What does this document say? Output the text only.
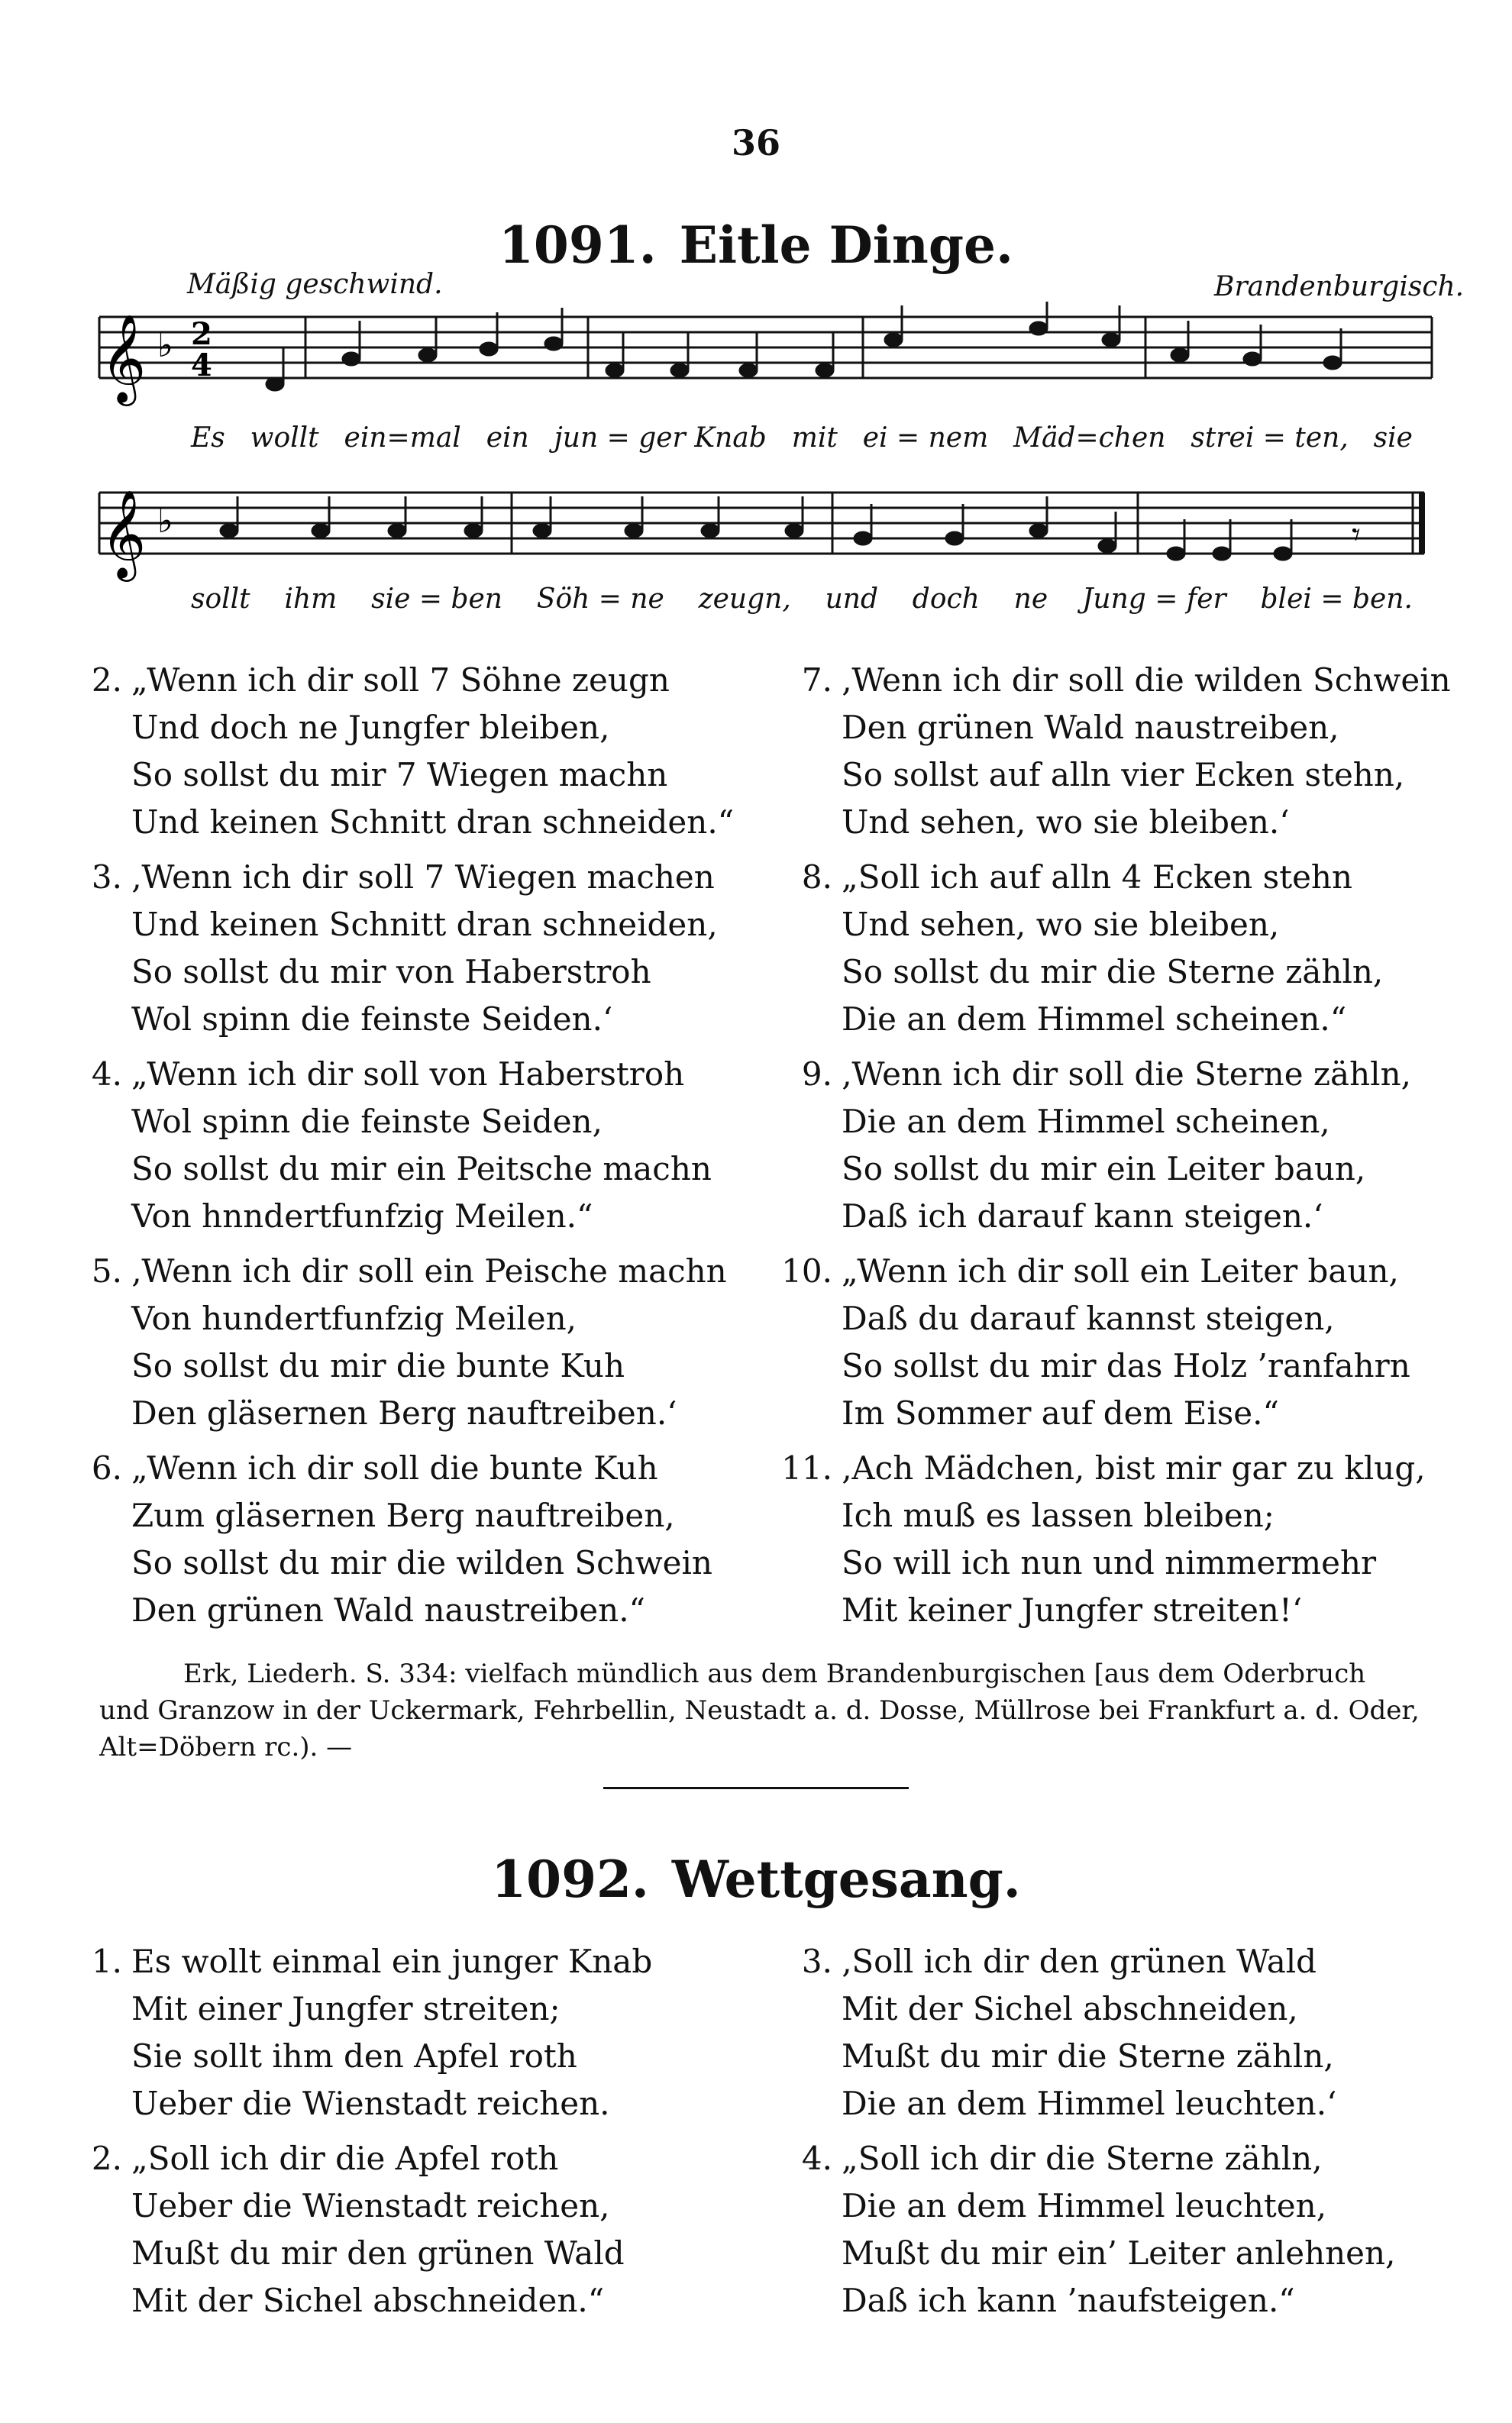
36
1091. Eitle Dinge.
Mäßig geschwind.	Brandenburgisch.
𝄞 ♭ 2
4
Es wollt ein=mal ein jun = ger Knab mit ei = nem Mäd=chen strei = ten, sie
𝄞 ♭	𝄾
sollt ihm sie = ben Söh = ne zeugn, und doch ne Jung = fer blei = ben.
2. „Wenn ich dir soll 7 Söhne zeugn
Und doch ne Jungfer bleiben,
So sollst du mir 7 Wiegen machn
Und keinen Schnitt dran schneiden.“
3. ‚Wenn ich dir soll 7 Wiegen machen
Und keinen Schnitt dran schneiden,
So sollst du mir von Haberstroh
Wol spinn die feinste Seiden.‘
4. „Wenn ich dir soll von Haberstroh
Wol spinn die feinste Seiden,
So sollst du mir ein Peitsche machn
Von hnndertfunfzig Meilen.“
5. ‚Wenn ich dir soll ein Peische machn
Von hundertfunfzig Meilen,
So sollst du mir die bunte Kuh
Den gläsernen Berg nauftreiben.‘
6. „Wenn ich dir soll die bunte Kuh
Zum gläsernen Berg nauftreiben,
So sollst du mir die wilden Schwein
Den grünen Wald naustreiben.“
7. ‚Wenn ich dir soll die wilden Schwein
Den grünen Wald naustreiben,
So sollst auf alln vier Ecken stehn,
Und sehen, wo sie bleiben.‘
8. „Soll ich auf alln 4 Ecken stehn
Und sehen, wo sie bleiben,
So sollst du mir die Sterne zähln,
Die an dem Himmel scheinen.“
9. ‚Wenn ich dir soll die Sterne zähln,
Die an dem Himmel scheinen,
So sollst du mir ein Leiter baun,
Daß ich darauf kann steigen.‘
10. „Wenn ich dir soll ein Leiter baun,
Daß du darauf kannst steigen,
So sollst du mir das Holz ’ranfahrn
Im Sommer auf dem Eise.“
11. ‚Ach Mädchen, bist mir gar zu klug,
Ich muß es lassen bleiben;
So will ich nun und nimmermehr
Mit keiner Jungfer streiten!‘
Erk, Liederh. S. 334: vielfach mündlich aus dem Brandenburgischen [aus dem Oderbruch und Granzow in der Uckermark, Fehrbellin, Neustadt a. d. Dosse, Müllrose bei Frankfurt a. d. Oder, Alt=Döbern rc.). —
1092. Wettgesang.
1. Es wollt einmal ein junger Knab
Mit einer Jungfer streiten;
Sie sollt ihm den Apfel roth
Ueber die Wienstadt reichen.
2. „Soll ich dir die Apfel roth
Ueber die Wienstadt reichen,
Mußt du mir den grünen Wald
Mit der Sichel abschneiden.“
3. ‚Soll ich dir den grünen Wald
Mit der Sichel abschneiden,
Mußt du mir die Sterne zähln,
Die an dem Himmel leuchten.‘
4. „Soll ich dir die Sterne zähln,
Die an dem Himmel leuchten,
Mußt du mir ein’ Leiter anlehnen,
Daß ich kann ’naufsteigen.“
